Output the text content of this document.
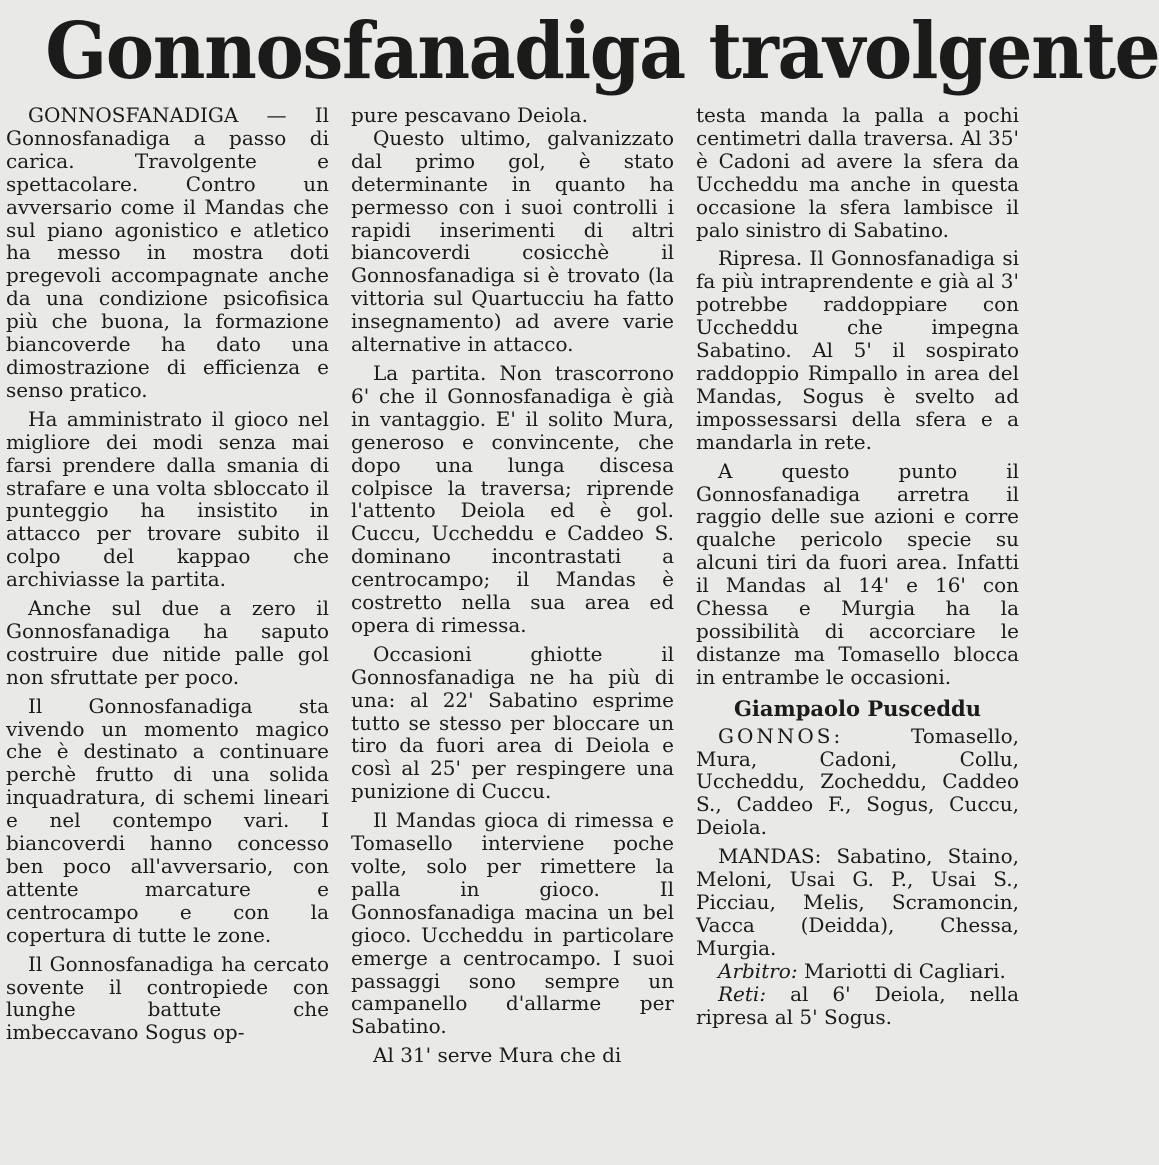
Gonnosfanadiga travolgente

GONNOSFANADIGA — Il Gonnosfanadiga a passo di carica. Travolgente e spettacolare. Contro un avversario come il Mandas che sul piano agonistico e atletico ha messo in mostra doti pregevoli accompagnate anche da una condizione psicofisica più che buona, la formazione biancoverde ha dato una dimostrazione di efficienza e senso pratico.

Ha amministrato il gioco nel migliore dei modi senza mai farsi prendere dalla smania di strafare e una volta sbloccato il punteggio ha insistito in attacco per trovare subito il colpo del kappao che archiviasse la partita.

Anche sul due a zero il Gonnosfanadiga ha saputo costruire due nitide palle gol non sfruttate per poco.

Il Gonnosfanadiga sta vivendo un momento magico che è destinato a continuare perchè frutto di una solida inquadratura, di schemi lineari e nel contempo vari. I biancoverdi hanno concesso ben poco all'avversario, con attente marcature e centrocampo e con la copertura di tutte le zone.

Il Gonnosfanadiga ha cercato sovente il contropiede con lunghe battute che imbeccavano Sogus op-

pure pescavano Deiola.

Questo ultimo, galvanizzato dal primo gol, è stato determinante in quanto ha permesso con i suoi controlli i rapidi inserimenti di altri biancoverdi cosicchè il Gonnosfanadiga si è trovato (la vittoria sul Quartucciu ha fatto insegnamento) ad avere varie alternative in attacco.

La partita. Non trascorrono 6' che il Gonnosfanadiga è già in vantaggio. E' il solito Mura, generoso e convincente, che dopo una lunga discesa colpisce la traversa; riprende l'attento Deiola ed è gol. Cuccu, Uccheddu e Caddeo S. dominano incontrastati a centrocampo; il Mandas è costretto nella sua area ed opera di rimessa.

Occasioni ghiotte il Gonnosfanadiga ne ha più di una: al 22' Sabatino esprime tutto se stesso per bloccare un tiro da fuori area di Deiola e così al 25' per respingere una punizione di Cuccu.

Il Mandas gioca di rimessa e Tomasello interviene poche volte, solo per rimettere la palla in gioco. Il Gonnosfanadiga macina un bel gioco. Uccheddu in particolare emerge a centrocampo. I suoi passaggi sono sempre un campanello d'allarme per Sabatino.

Al 31' serve Mura che di

testa manda la palla a pochi centimetri dalla traversa. Al 35' è Cadoni ad avere la sfera da Uccheddu ma anche in questa occasione la sfera lambisce il palo sinistro di Sabatino.

Ripresa. Il Gonnosfanadiga si fa più intraprendente e già al 3' potrebbe raddoppiare con Uccheddu che impegna Sabatino. Al 5' il sospirato raddoppio Rimpallo in area del Mandas, Sogus è svelto ad impossessarsi della sfera e a mandarla in rete.

A questo punto il Gonnosfanadiga arretra il raggio delle sue azioni e corre qualche pericolo specie su alcuni tiri da fuori area. Infatti il Mandas al 14' e 16' con Chessa e Murgia ha la possibilità di accorciare le distanze ma Tomasello blocca in entrambe le occasioni.

Giampaolo Pusceddu

GONNOS:	Tomasello, Mura, Cadoni, Collu, Uccheddu, Zocheddu, Caddeo S., Caddeo F., Sogus, Cuccu, Deiola.

MANDAS: Sabatino, Staino, Meloni, Usai G. P., Usai S., Picciau, Melis, Scramoncin, Vacca (Deidda), Chessa, Murgia.

Arbitro: Mariotti di Cagliari.

Reti: al 6' Deiola, nella ripresa al 5' Sogus.
